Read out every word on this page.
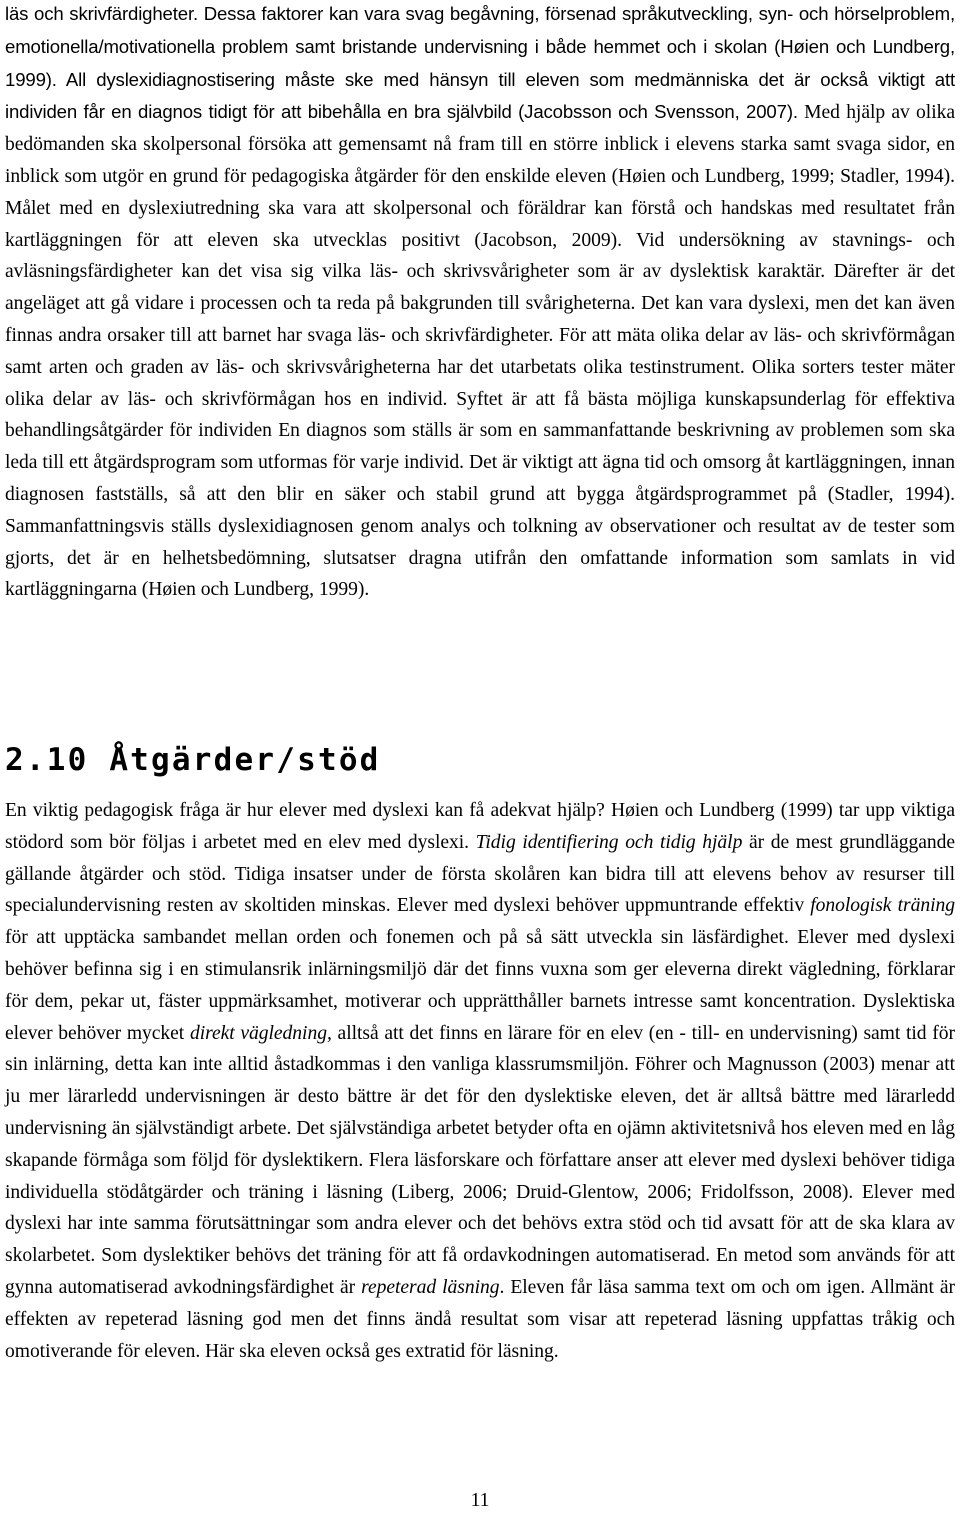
läs och skrivfärdigheter. Dessa faktorer kan vara svag begåvning, försenad språkutveckling, syn- och hörselproblem, emotionella/motivationella problem samt bristande undervisning i både hemmet och i skolan (Høien och Lundberg, 1999). All dyslexidiagnostisering måste ske med hänsyn till eleven som medmänniska det är också viktigt att individen får en diagnos tidigt för att bibehålla en bra självbild (Jacobsson och Svensson, 2007). Med hjälp av olika bedömanden ska skolpersonal försöka att gemensamt nå fram till en större inblick i elevens starka samt svaga sidor, en inblick som utgör en grund för pedagogiska åtgärder för den enskilde eleven (Høien och Lundberg, 1999; Stadler, 1994). Målet med en dyslexiutredning ska vara att skolpersonal och föräldrar kan förstå och handskas med resultatet från kartläggningen för att eleven ska utvecklas positivt (Jacobson, 2009). Vid undersökning av stavnings- och avläsningsfärdigheter kan det visa sig vilka läs- och skrivsvårigheter som är av dyslektisk karaktär. Därefter är det angeläget att gå vidare i processen och ta reda på bakgrunden till svårigheterna. Det kan vara dyslexi, men det kan även finnas andra orsaker till att barnet har svaga läs- och skrivfärdigheter. För att mäta olika delar av läs- och skrivförmågan samt arten och graden av läs- och skrivsvårigheterna har det utarbetats olika testinstrument. Olika sorters tester mäter olika delar av läs- och skrivförmågan hos en individ. Syftet är att få bästa möjliga kunskapsunderlag för effektiva behandlingsåtgärder för individen En diagnos som ställs är som en sammanfattande beskrivning av problemen som ska leda till ett åtgärdsprogram som utformas för varje individ. Det är viktigt att ägna tid och omsorg åt kartläggningen, innan diagnosen fastställs, så att den blir en säker och stabil grund att bygga åtgärdsprogrammet på (Stadler, 1994). Sammanfattningsvis ställs dyslexidiagnosen genom analys och tolkning av observationer och resultat av de tester som gjorts, det är en helhetsbedömning, slutsatser dragna utifrån den omfattande information som samlats in vid kartläggningarna (Høien och Lundberg, 1999).

2.10 Åtgärder/stöd

En viktig pedagogisk fråga är hur elever med dyslexi kan få adekvat hjälp? Høien och Lundberg (1999) tar upp viktiga stödord som bör följas i arbetet med en elev med dyslexi. Tidig identifiering och tidig hjälp är de mest grundläggande gällande åtgärder och stöd. Tidiga insatser under de första skolåren kan bidra till att elevens behov av resurser till specialundervisning resten av skoltiden minskas. Elever med dyslexi behöver uppmuntrande effektiv fonologisk träning för att upptäcka sambandet mellan orden och fonemen och på så sätt utveckla sin läsfärdighet. Elever med dyslexi behöver befinna sig i en stimulansrik inlärningsmiljö där det finns vuxna som ger eleverna direkt vägledning, förklarar för dem, pekar ut, fäster uppmärksamhet, motiverar och upprätthåller barnets intresse samt koncentration. Dyslektiska elever behöver mycket direkt vägledning, alltså att det finns en lärare för en elev (en - till- en undervisning) samt tid för sin inlärning, detta kan inte alltid åstadkommas i den vanliga klassrumsmiljön. Föhrer och Magnusson (2003) menar att ju mer lärarledd undervisningen är desto bättre är det för den dyslektiske eleven, det är alltså bättre med lärarledd undervisning än självständigt arbete. Det självständiga arbetet betyder ofta en ojämn aktivitetsnivå hos eleven med en låg skapande förmåga som följd för dyslektikern. Flera läsforskare och författare anser att elever med dyslexi behöver tidiga individuella stödåtgärder och träning i läsning (Liberg, 2006; Druid-Glentow, 2006; Fridolfsson, 2008). Elever med dyslexi har inte samma förutsättningar som andra elever och det behövs extra stöd och tid avsatt för att de ska klara av skolarbetet. Som dyslektiker behövs det träning för att få ordavkodningen automatiserad. En metod som används för att gynna automatiserad avkodningsfärdighet är repeterad läsning. Eleven får läsa samma text om och om igen. Allmänt är effekten av repeterad läsning god men det finns ändå resultat som visar att repeterad läsning uppfattas tråkig och omotiverande för eleven. Här ska eleven också ges extratid för läsning.

11
